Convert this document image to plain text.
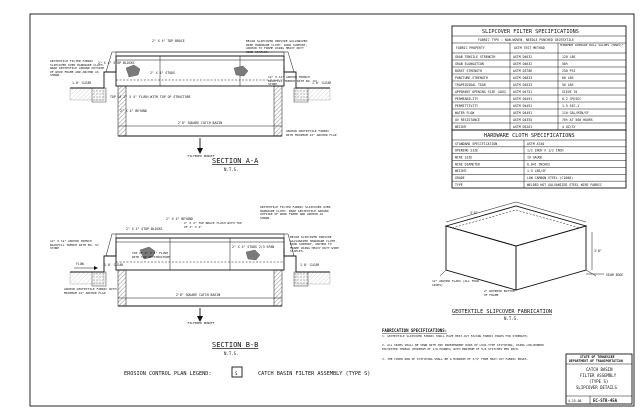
2" X 4" TOP BRACE
2" X 4" STOP BLOCKS
2" X 4" STUDS
TOP OF 2" X 4" FLUSH WITH TOP OF STRUCTURE
2" X 4" BEYOND
GEOTEXTILE FILTER FABRIC SLIPCOVER OVER HARDWARE CLOTH. WRAP GEOTEXTILE AROUND OUTSIDE OF WOOD FRAME AND ANCHOR AS SHOWN.
BELOW SLIPCOVER PROVIDE GALVANIZED WIRE HARDWARE CLOTH. WOOD SUPPORT, ANCHOR TO FRAME USING HEAVY DUTY WIRE STAPLES.
12" X 12" ANCHOR TRENCH BACKFILL TRENCH WITH NO. 57 STONE
1.0' CLEAR	1.0' CLEAR
2'8" SQUARE CATCH BASIN
ANCHOR GEOTEXTILE FABRIC WITH MINIMUM 12" ANCHOR FLAP
FILTERED RUNOFF
SECTION A-A
N.T.S.
2" X 4" BEYOND
2" X 4" TOP BRACE FLUSH WITH TOP OF 2" X 4"
GEOTEXTILE FILTER FABRIC SLIPCOVER OVER HARDWARE CLOTH. WRAP GEOTEXTILE AROUND OUTSIDE OF WOOD FRAME AND ANCHOR AS SHOWN.
2" X 4" STOP BLOCKS
2" X 4" STUDS 2/3 SPAN
TOP OF 2" X 4" FLUSH WITH TOP OF STRUCTURE
12" X 12" ANCHOR TRENCH BACKFILL TRENCH WITH NO. 57 STONE
BELOW SLIPCOVER PROVIDE GALVANIZED HARDWARE CLOTH. WOOD SUPPORT, ANCHOR TO FRAME USING HEAVY DUTY WIRE STAPLES.
FLOW	1.0' CLEAR	1.0' CLEAR
ANCHOR GEOTEXTILE FABRIC WITH MINIMUM 12" ANCHOR FLAP
2'8" SQUARE CATCH BASIN
FILTERED RUNOFF
SECTION B-B
N.T.S.
EROSION CONTROL PLAN LEGEND:	S	CATCH BASIN FILTER ASSEMBLY (TYPE S)
GRAB TENSILE STRENGTH	ASTM D4632	120 LBS
GRAB ELONGATION	ASTM D4632	50%
BURST STRENGTH	ASTM D3786	250 PSI
PUNCTURE STRENGTH	ASTM D4833	60 LBS
TRAPEZOIDAL TEAR	ASTM D4533	50 LBS
APPARENT OPENING SIZE (AOS) ASTM D4751	SIEVE 70
PERMEABILITY	ASTM D4491	0.2 CM/SEC
PERMITTIVITY	ASTM D4491	1.5 SEC-1
WATER FLOW	ASTM D4491	110 GAL/MIN/SF
UV RESISTANCE	ASTM D4355	70% AT 500 HOURS
WEIGHT	ASTM D5261	4 OZ/SY
SLIPCOVER FILTER SPECIFICATIONS
FABRIC TYPE : NON-WOVEN, NEEDLE PUNCHED GEOTEXTILE
FABRIC PROPERTY	ASTM TEST METHOD
MINIMUM AVERAGE ROLL VALUES (MARV)*
STANDARD SPECIFICATION	ASTM A740
OPENING SIZE	1/2 INCH X 1/2 INCH
WIRE SIZE	19 GAUGE
WIRE DIAMETER	0.041 INCHES
WEIGHT	1.5 LBS/SF
GRADE	LOW CARBON STEEL (C1008)
TYPE	WELDED HOT GALVANIZED STEEL WIRE FABRIC
HARDWARE CLOTH SPECIFICATIONS
3'8"
3'8"
SEAM EDGE
12" ANCHOR FLAPS (ALL FOUR SIDES)
2" REVERSE BOTTOM OF FRAME
GEOTEXTILE SLIPCOVER FABRICATION
N.T.S.
FABRICATION SPECIFICATIONS:
1. GEOTEXTILE SLIPCOVER FABRIC SHALL HAVE HEAT-CUT FACING FABRIC EDGES FOR STRENGTH.
2. ALL SEAMS SHALL BE SEWN WITH TWO INDEPENDENT ROWS OF LOCK-TYPE STITCHING, USING LOW-BONDED POLYESTER THREAD (MINIMUM OF 1/8 POUNDS) WITH MINIMUM OF 5/4 STITCHES PER INCH.
3. THE COVER ROW OF STITCHING SHALL BE A MINIMUM OF 3/4" FROM HEAT-CUT FABRIC EDGES.	STATE OF TENNESSEE
DEPARTMENT OF TRANSPORTATION
CATCH BASIN
FILTER ASSEMBLY
(TYPE S)
SLIPCOVER DETAILS
4-15-08	EC-STR-45A
